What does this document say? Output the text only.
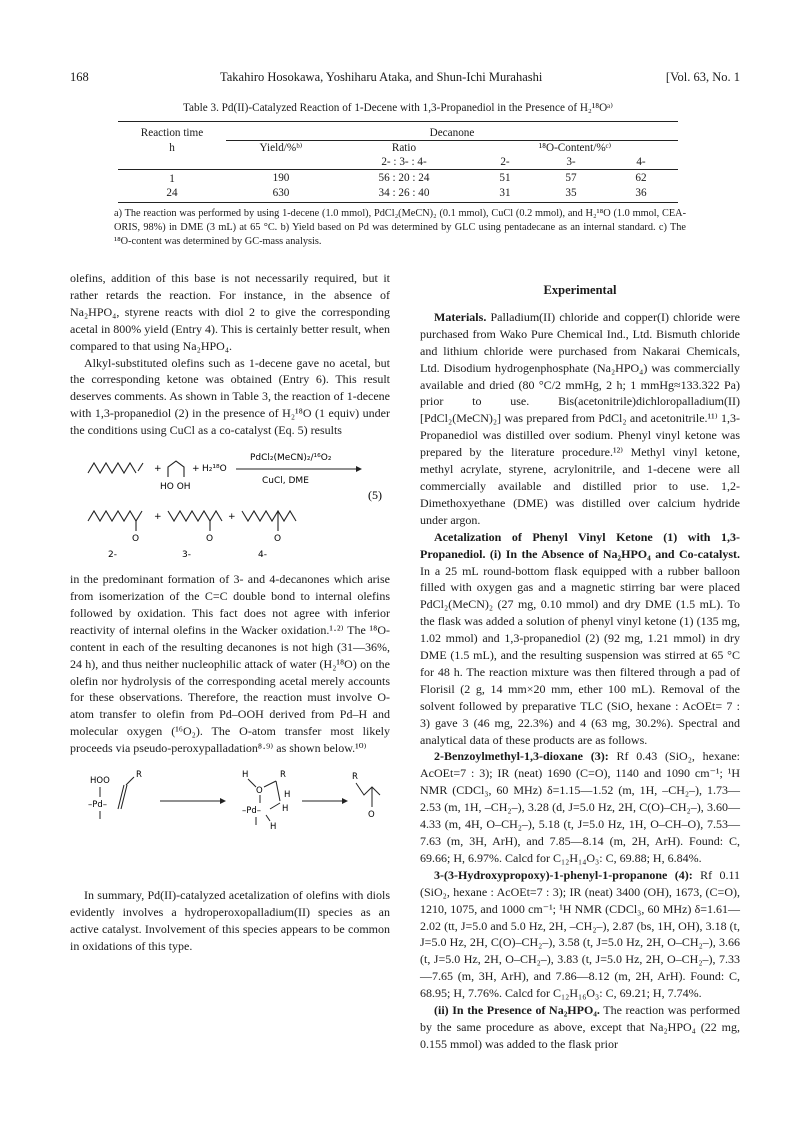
168	Takahiro Hosokawa, Yoshiharu Ataka, and Shun-Ichi Murahashi	[Vol. 63, No. 1
Table 3. Pd(II)-Catalyzed Reaction of 1-Decene with 1,3-Propanediol in the Presence of H₂¹⁸Oᵃ⁾

Reaction time	Decanone				
h	Yield/%ᵇ⁾	Ratio	¹⁸O-Content/%ᶜ⁾		
		2- : 3- : 4-	2-	3-	4-

1	190	56 : 20 : 24	51	57	62
24	630	34 : 26 : 40	31	35	36

a) The reaction was performed by using 1-decene (1.0 mmol), PdCl₂(MeCN)₂ (0.1 mmol), CuCl (0.2 mmol), and H₂¹⁸O (1.0 mmol, CEA-ORIS, 98%) in DME (3 mL) at 65 °C. b) Yield based on Pd was determined by GLC using pentadecane as an internal standard. c) The ¹⁸O-content was determined by GC-mass analysis.

olefins, addition of this base is not necessarily required, but it rather retards the reaction. For instance, in the absence of Na₂HPO₄, styrene reacts with diol 2 to give the corresponding acetal in 800% yield (Entry 4). This is certainly better result, when compared to that using Na₂HPO₄.

Alkyl-substituted olefins such as 1-decene gave no acetal, but the corresponding ketone was obtained (Entry 6). This result deserves comments. As shown in Table 3, the reaction of 1-decene with 1,3-propanediol (2) in the presence of H₂¹⁸O (1 equiv) under the conditions using CuCl as a co-catalyst (Eq. 5) results

+
HO OH
+ H₂¹⁸O
PdCl₂(MeCN)₂/¹⁶O₂
CuCl, DME
(5)
O
+
O
+
O
2-	3-	4-

in the predominant formation of 3- and 4-decanones which arise from isomerization of the C=C double bond to internal olefins followed by oxidation. This fact does not agree with inferior reactivity of internal olefins in the Wacker oxidation.¹·²⁾ The ¹⁸O-content in each of the resulting decanones is not high (31—36%, 24 h), and thus neither nucleophilic attack of water (H₂¹⁸O) on the olefin nor hydrolysis of the corresponding acetal merely accounts for these observations. Therefore, the reaction must involve O-atom transfer to olefin from Pd–OOH derived from Pd–H and molecular oxygen (¹⁶O₂). The O-atom transfer most likely proceeds via pseudo-peroxypalladation⁸·⁹⁾ as shown below.¹⁰⁾

HOO
–Pd–
R	H	R
O	H
–Pd– H
H
R
O

In summary, Pd(II)-catalyzed acetalization of olefins with diols evidently involves a hydroperoxopalladium(II) species as an active catalyst. Involvement of this species appears to be common in oxidations of this type.

Experimental

Materials. Palladium(II) chloride and copper(I) chloride were purchased from Wako Pure Chemical Ind., Ltd. Bismuth chloride and lithium chloride were purchased from Nakarai Chemicals, Ltd. Disodium hydrogenphosphate (Na₂HPO₄) was commercially available and dried (80 °C/2 mmHg, 2 h; 1 mmHg≈133.322 Pa) prior to use. Bis(acetonitrile)dichloropalladium(II) [PdCl₂(MeCN)₂] was prepared from PdCl₂ and acetonitrile.¹¹⁾ 1,3-Propanediol was distilled over sodium. Phenyl vinyl ketone was prepared by the literature procedure.¹²⁾ Methyl vinyl ketone, methyl acrylate, styrene, acrylonitrile, and 1-decene were all commercially available and distilled prior to use. 1,2-Dimethoxyethane (DME) was distilled over calcium hydride under argon.

Acetalization of Phenyl Vinyl Ketone (1) with 1,3-Propanediol. (i) In the Absence of Na₂HPO₄ and Co-catalyst. In a 25 mL round-bottom flask equipped with a rubber balloon filled with oxygen gas and a magnetic stirring bar were placed PdCl₂(MeCN)₂ (27 mg, 0.10 mmol) and dry DME (1.5 mL). To the flask was added a solution of phenyl vinyl ketone (1) (135 mg, 1.02 mmol) and 1,3-propanediol (2) (92 mg, 1.21 mmol) in dry DME (1.5 mL), and the resulting suspension was stirred at 65 °C for 48 h. The reaction mixture was then filtered through a pad of Florisil (2 g, 14 mm×20 mm, ether 100 mL). Removal of the solvent followed by preparative TLC (SiO, hexane : AcOEt= 7 : 3) gave 3 (46 mg, 22.3%) and 4 (63 mg, 30.2%). Spectral and analytical data of these products are as follows.

2-Benzoylmethyl-1,3-dioxane (3): Rf 0.43 (SiO₂, hexane: AcOEt=7 : 3); IR (neat) 1690 (C=O), 1140 and 1090 cm⁻¹; ¹H NMR (CDCl₃, 60 MHz) δ=1.15—1.52 (m, 1H, –CH₂–), 1.73—2.53 (m, 1H, –CH₂–), 3.28 (d, J=5.0 Hz, 2H, C(O)–CH₂–), 3.60—4.33 (m, 4H, O–CH₂–), 5.18 (t, J=5.0 Hz, 1H, O–CH–O), 7.53—7.63 (m, 3H, ArH), and 7.85—8.14 (m, 2H, ArH). Found: C, 69.66; H, 6.97%. Calcd for C₁₂H₁₄O₃: C, 69.88; H, 6.84%.

3-(3-Hydroxypropoxy)-1-phenyl-1-propanone (4): Rf 0.11 (SiO₂, hexane : AcOEt=7 : 3); IR (neat) 3400 (OH), 1673, (C=O), 1210, 1075, and 1000 cm⁻¹; ¹H NMR (CDCl₃, 60 MHz) δ=1.61—2.02 (tt, J=5.0 and 5.0 Hz, 2H, –CH₂–), 2.87 (bs, 1H, OH), 3.18 (t, J=5.0 Hz, 2H, C(O)–CH₂–), 3.58 (t, J=5.0 Hz, 2H, O–CH₂–), 3.66 (t, J=5.0 Hz, 2H, O–CH₂–), 3.83 (t, J=5.0 Hz, 2H, O–CH₂–), 7.33—7.65 (m, 3H, ArH), and 7.86—8.12 (m, 2H, ArH). Found: C, 68.95; H, 7.76%. Calcd for C₁₂H₁₆O₃: C, 69.21; H, 7.74%.

(ii) In the Presence of Na₂HPO₄. The reaction was performed by the same procedure as above, except that Na₂HPO₄ (22 mg, 0.155 mmol) was added to the flask prior
